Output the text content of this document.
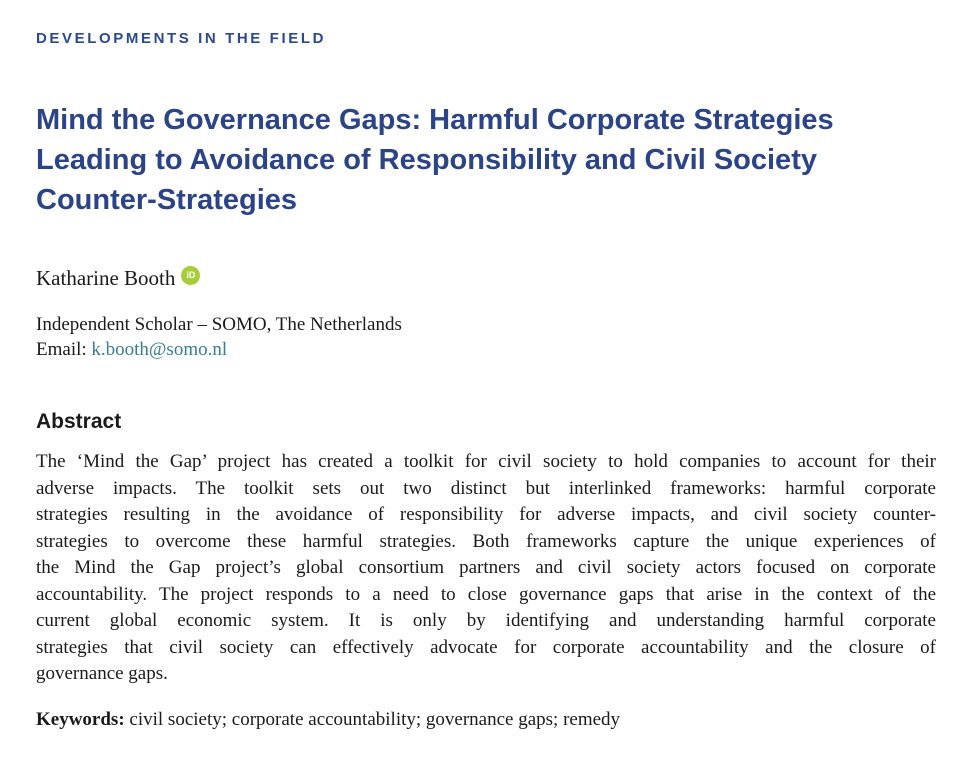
DEVELOPMENTS IN THE FIELD
Mind the Governance Gaps: Harmful Corporate Strategies
Leading to Avoidance of Responsibility and Civil Society
Counter-Strategies
Katharine Booth	iD
Independent Scholar – SOMO, The Netherlands
Email: k.booth@somo.nl
Abstract
The ‘Mind the Gap’ project has created a toolkit for civil society to hold companies to account for their
adverse impacts. The toolkit sets out two distinct but interlinked frameworks: harmful corporate
strategies resulting in the avoidance of responsibility for adverse impacts, and civil society counter-
strategies to overcome these harmful strategies. Both frameworks capture the unique experiences of
the Mind the Gap project’s global consortium partners and civil society actors focused on corporate
accountability. The project responds to a need to close governance gaps that arise in the context of the
current global economic system. It is only by identifying and understanding harmful corporate
strategies that civil society can effectively advocate for corporate accountability and the closure of
governance gaps.
Keywords: civil society; corporate accountability; governance gaps; remedy
